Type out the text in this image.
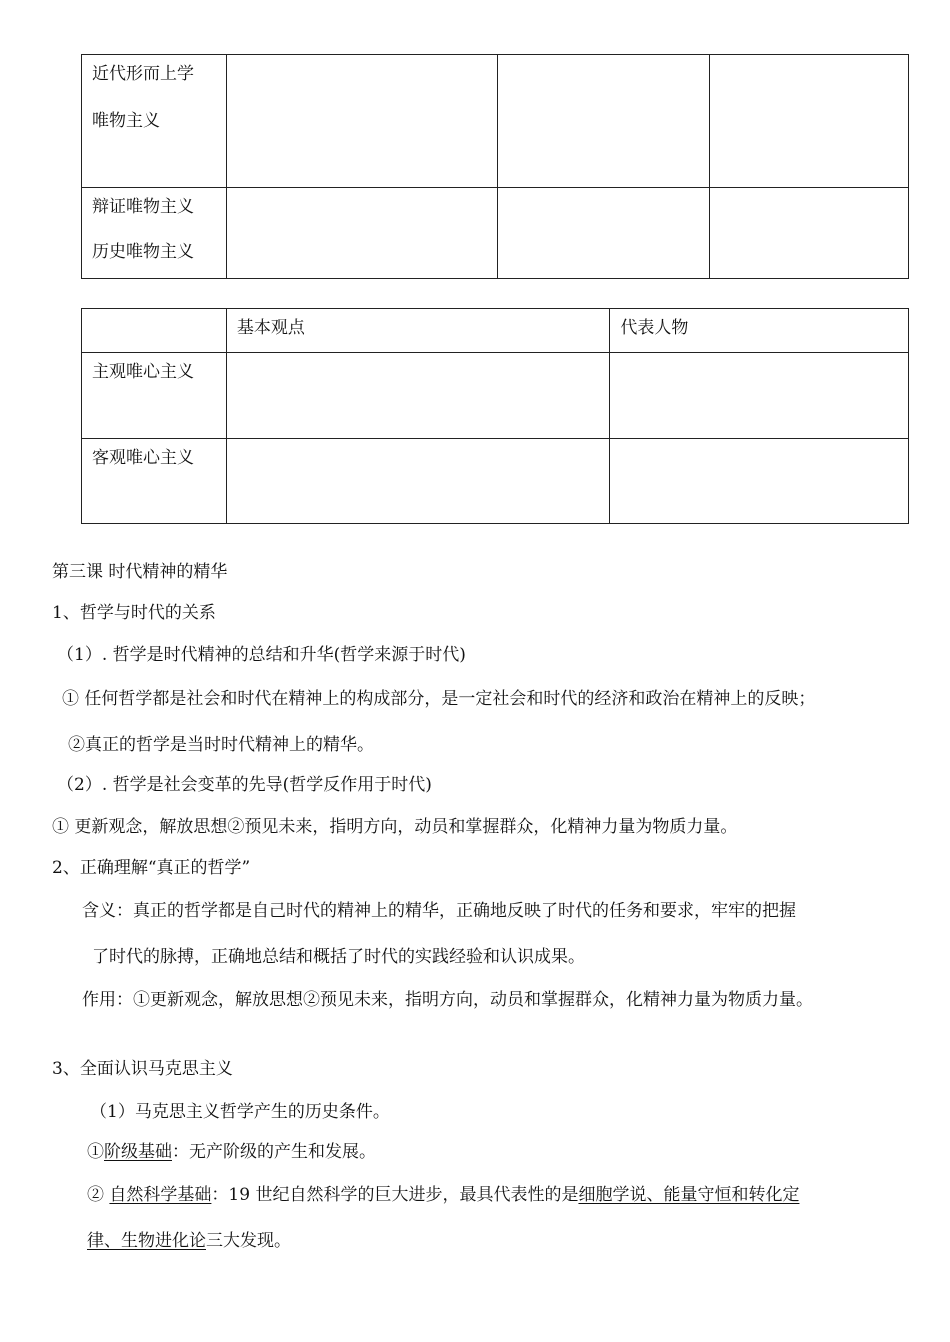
近代形而上学
唯物主义			

辩证唯物主义
历史唯物主义			

	基本观点	代表人物
主观唯心主义		
客观唯心主义		
第三课 时代精神的精华
1、哲学与时代的关系
（1）. 哲学是时代精神的总结和升华(哲学来源于时代)
① 任何哲学都是社会和时代在精神上的构成部分，是一定社会和时代的经济和政治在精神上的反映；
②真正的哲学是当时时代精神上的精华。
（2）. 哲学是社会变革的先导(哲学反作用于时代)
① 更新观念，解放思想②预见未来，指明方向，动员和掌握群众，化精神力量为物质力量。
2、正确理解“真正的哲学”
含义：真正的哲学都是自己时代的精神上的精华，正确地反映了时代的任务和要求，牢牢的把握
了时代的脉搏，正确地总结和概括了时代的实践经验和认识成果。
作用：①更新观念，解放思想②预见未来，指明方向，动员和掌握群众，化精神力量为物质力量。
3、全面认识马克思主义
（1）马克思主义哲学产生的历史条件。
①阶级基础：无产阶级的产生和发展。
② 自然科学基础：19 世纪自然科学的巨大进步，最具代表性的是细胞学说、能量守恒和转化定
律、生物进化论三大发现。
